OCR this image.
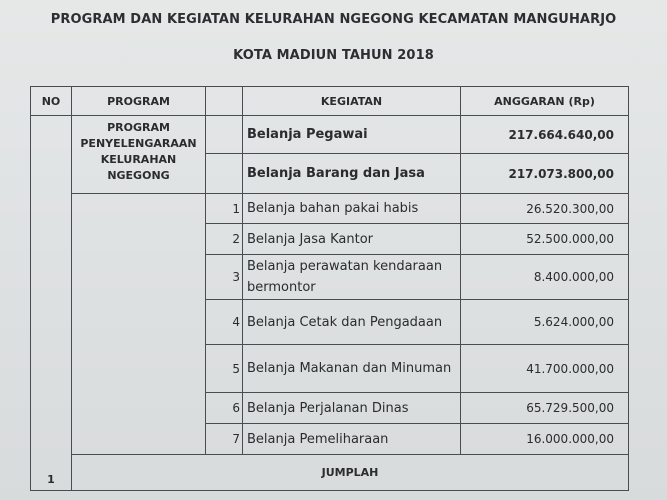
PROGRAM DAN KEGIATAN KELURAHAN NGEGONG KECAMATAN MANGUHARJO
KOTA MADIUN TAHUN 2018
NO	PROGRAM		KEGIATAN	ANGGARAN (Rp)	
1	PROGRAM PENYELENGARAAN KELURAHAN NGEGONG		Belanja Pegawai	217.664.640,00	
			Belanja Barang dan Jasa	217.073.800,00	
		1	Belanja bahan pakai habis	26.520.300,00	
		2	Belanja Jasa Kantor	52.500.000,00	
		3	Belanja perawatan kendaraan bermontor	8.400.000,00	
		4	Belanja Cetak dan Pengadaan	5.624.000,00	
		5	Belanja Makanan dan Minuman	41.700.000,00	
		6	Belanja Perjalanan Dinas	65.729.500,00	
		7	Belanja Pemeliharaan	16.000.000,00	
	JUMPLAH	
